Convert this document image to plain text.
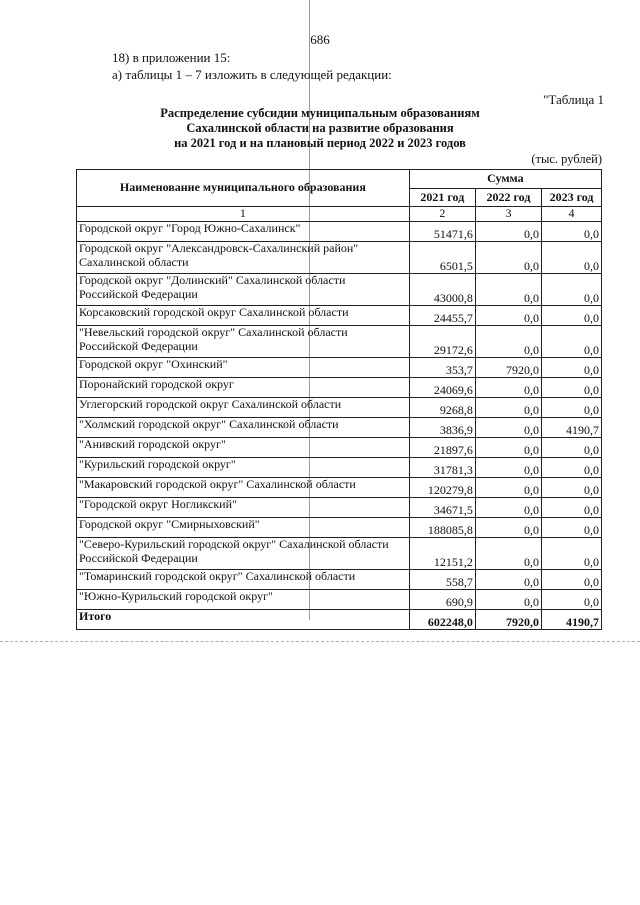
686
18) в приложении 15:
а) таблицы 1 – 7 изложить в следующей редакции:
"Таблица 1
Распределение субсидии муниципальным образованиям
Сахалинской области на развитие образования
на 2021 год и на плановый период 2022 и 2023 годов
(тыс. рублей)
Наименование муниципального образования	Сумма		
	2021 год	2022 год	2023 год
1	2	3	4
Городской округ "Город Южно-Сахалинск"	51471,6	0,0	0,0
Городской округ "Александровск-Сахалинский район" Сахалинской области	6501,5	0,0	0,0
Городской округ "Долинский" Сахалинской области Российской Федерации	43000,8	0,0	0,0
Корсаковский городской округ Сахалинской области	24455,7	0,0	0,0
"Невельский городской округ" Сахалинской области Российской Федерации	29172,6	0,0	0,0
Городской округ "Охинский"	353,7	7920,0	0,0
Поронайский городской округ	24069,6	0,0	0,0
Углегорский городской округ Сахалинской области	9268,8	0,0	0,0
"Холмский городской округ" Сахалинской области	3836,9	0,0	4190,7
"Анивский городской округ"	21897,6	0,0	0,0
"Курильский городской округ"	31781,3	0,0	0,0
"Макаровский городской округ" Сахалинской области	120279,8	0,0	0,0
"Городской округ Ногликский"	34671,5	0,0	0,0
Городской округ "Смирныховский"	188085,8	0,0	0,0
"Северо-Курильский городской округ" Сахалинской области Российской Федерации	12151,2	0,0	0,0
"Томаринский городской округ" Сахалинской области	558,7	0,0	0,0
"Южно-Курильский городской округ"	690,9	0,0	0,0
Итого	602248,0	7920,0	4190,7
